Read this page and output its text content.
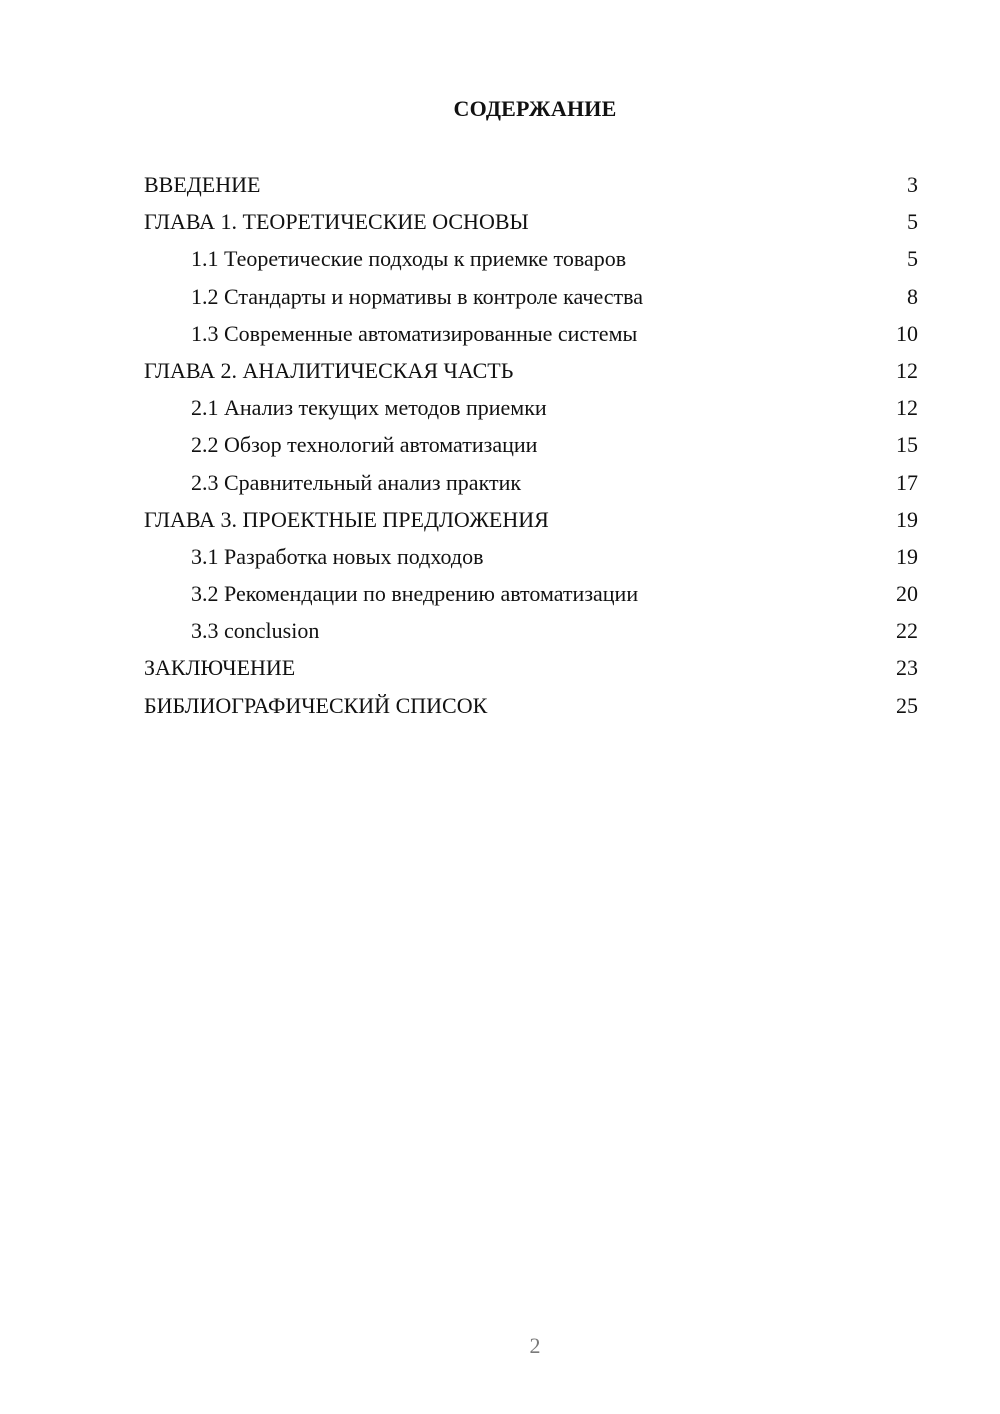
СОДЕРЖАНИЕ
ВВЕДЕНИЕ	3
ГЛАВА 1. ТЕОРЕТИЧЕСКИЕ ОСНОВЫ	5
1.1 Теоретические подходы к приемке товаров	5
1.2 Стандарты и нормативы в контроле качества	8
1.3 Современные автоматизированные системы	10
ГЛАВА 2. АНАЛИТИЧЕСКАЯ ЧАСТЬ	12
2.1 Анализ текущих методов приемки	12
2.2 Обзор технологий автоматизации	15
2.3 Сравнительный анализ практик	17
ГЛАВА 3. ПРОЕКТНЫЕ ПРЕДЛОЖЕНИЯ	19
3.1 Разработка новых подходов	19
3.2 Рекомендации по внедрению автоматизации	20
3.3 conclusion	22
ЗАКЛЮЧЕНИЕ	23
БИБЛИОГРАФИЧЕСКИЙ СПИСОК	25
2
